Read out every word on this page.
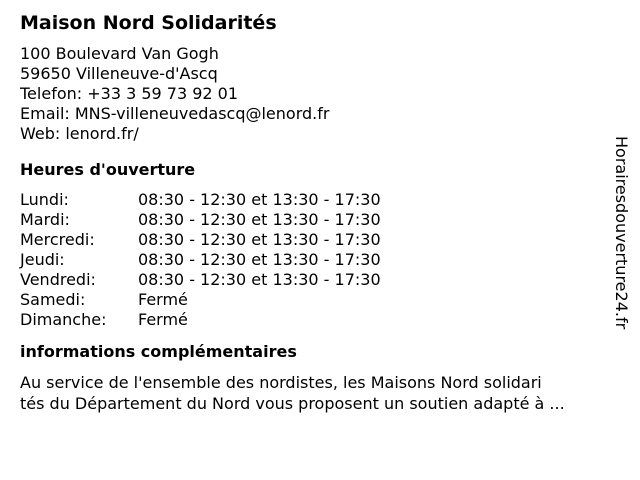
Maison Nord Solidarités
100 Boulevard Van Gogh
59650 Villeneuve-d'Ascq
Telefon: +33 3 59 73 92 01
Email: MNS-villeneuvedascq@lenord.fr
Web: lenord.fr/
Heures d'ouverture
Lundi:	08:30 - 12:30 et 13:30 - 17:30
Mardi:	08:30 - 12:30 et 13:30 - 17:30
Mercredi:	08:30 - 12:30 et 13:30 - 17:30
Jeudi:	08:30 - 12:30 et 13:30 - 17:30
Vendredi:	08:30 - 12:30 et 13:30 - 17:30
Samedi:	Fermé
Dimanche:	Fermé
informations complémentaires
Au service de l'ensemble des nordistes, les Maisons Nord solidari
tés du Département du Nord vous proposent un soutien adapté à ...
Horairesdouverture24.fr
